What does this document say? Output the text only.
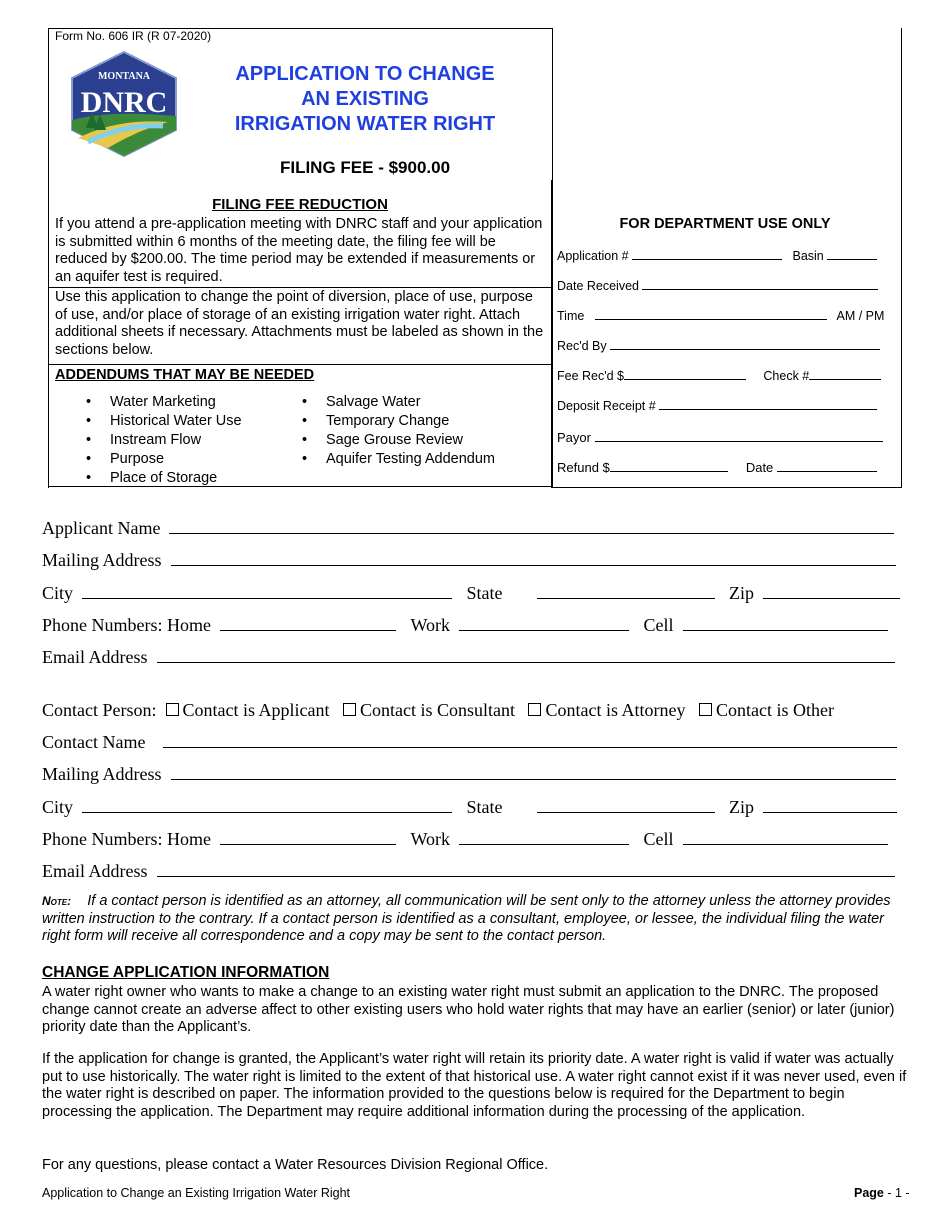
Form No. 606 IR (R 07-2020)
MONTANA
DNRC
APPLICATION TO CHANGE
AN EXISTING
IRRIGATION WATER RIGHT
FILING FEE - $900.00
FILING FEE REDUCTION
If you attend a pre-application meeting with DNRC staff and your application is submitted within 6 months of the meeting date, the filing fee will be reduced by $200.00. The time period may be extended if measurements or an aquifer test is required.
Use this application to change the point of diversion, place of use, purpose of use, and/or place of storage of an existing irrigation water right. Attach additional sheets if necessary. Attachments must be labeled as shown in the sections below.
ADDENDUMS THAT MAY BE NEEDED
• Water Marketing
• Historical Water Use
• Instream Flow
• Purpose
• Place of Storage
• Salvage Water
• Temporary Change
• Sage Grouse Review
• Aquifer Testing Addendum
FOR DEPARTMENT USE ONLY
Application #	Basin
Date Received
Time	AM / PM
Rec'd By
Fee Rec'd $	Check #
Deposit Receipt #
Payor
Refund $	Date
Applicant Name
Mailing Address
City	State	Zip
Phone Numbers: Home	Work	Cell
Email Address
Contact Person: Contact is Applicant Contact is Consultant Contact is Attorney Contact is Other
Contact Name
Mailing Address
City	State	Zip
Phone Numbers: Home	Work	Cell
Email Address
Note: If a contact person is identified as an attorney, all communication will be sent only to the attorney unless the attorney provides written instruction to the contrary. If a contact person is identified as a consultant, employee, or lessee, the individual filing the water right form will receive all correspondence and a copy may be sent to the contact person.
CHANGE APPLICATION INFORMATION
A water right owner who wants to make a change to an existing water right must submit an application to the DNRC. The proposed change cannot create an adverse affect to other existing users who hold water rights that may have an earlier (senior) or later (junior) priority date than the Applicant’s.
If the application for change is granted, the Applicant’s water right will retain its priority date. A water right is valid if water was actually put to use historically. The water right is limited to the extent of that historical use. A water right cannot exist if it was never used, even if the water right is described on paper. The information provided to the questions below is required for the Department to begin processing the application. The Department may require additional information during the processing of the application.
For any questions, please contact a Water Resources Division Regional Office.
Application to Change an Existing Irrigation Water Right	Page - 1 -
